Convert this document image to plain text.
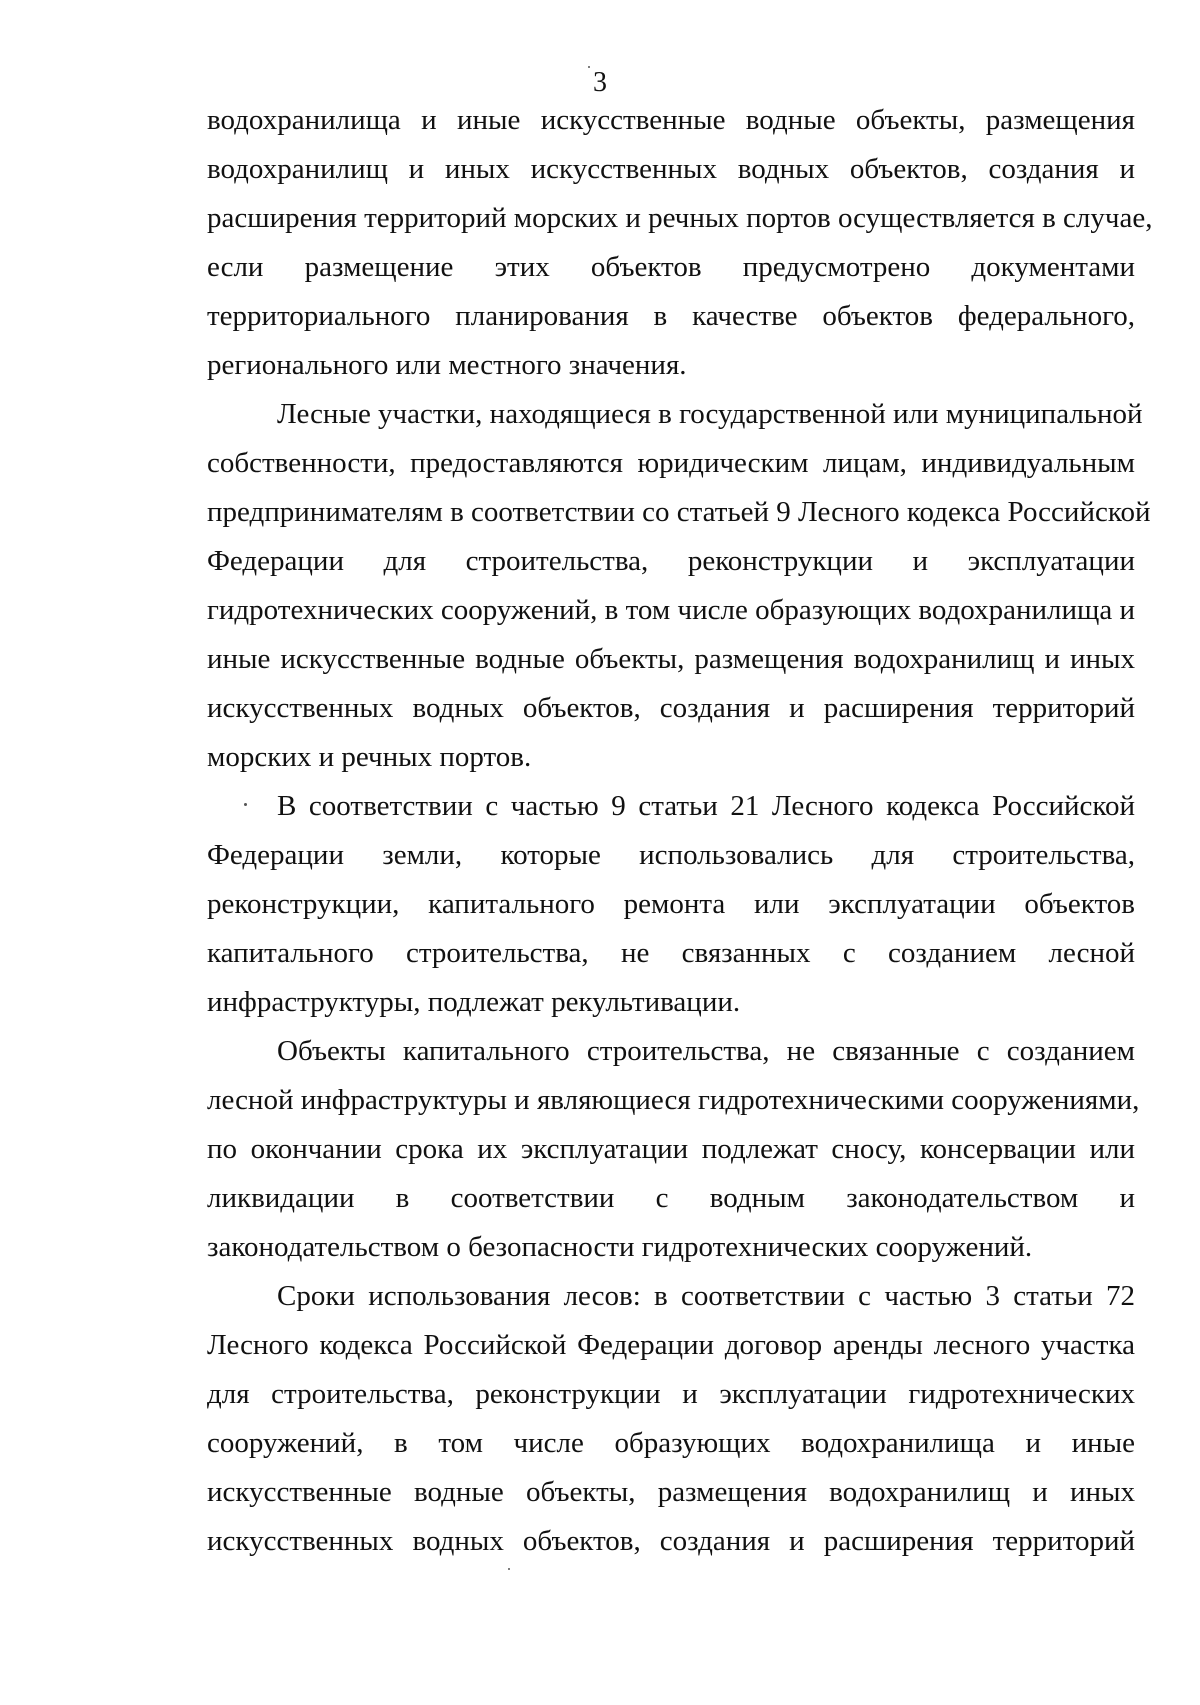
3
водохранилища и иные искусственные водные объекты, размещения
водохранилищ и иных искусственных водных объектов, создания и
расширения территорий морских и речных портов осуществляется в случае,
если размещение этих объектов предусмотрено документами
территориального планирования в качестве объектов федерального,
регионального или местного значения.
Лесные участки, находящиеся в государственной или муниципальной
собственности, предоставляются юридическим лицам, индивидуальным
предпринимателям в соответствии со статьей 9 Лесного кодекса Российской
Федерации для строительства, реконструкции и эксплуатации
гидротехнических сооружений, в том числе образующих водохранилища и
иные искусственные водные объекты, размещения водохранилищ и иных
искусственных водных объектов, создания и расширения территорий
морских и речных портов.
В соответствии с частью 9 статьи 21 Лесного кодекса Российской
Федерации земли, которые использовались для строительства,
реконструкции, капитального ремонта или эксплуатации объектов
капитального строительства, не связанных с созданием лесной
инфраструктуры, подлежат рекультивации.
Объекты капитального строительства, не связанные с созданием
лесной инфраструктуры и являющиеся гидротехническими сооружениями,
по окончании срока их эксплуатации подлежат сносу, консервации или
ликвидации в соответствии с водным законодательством и
законодательством о безопасности гидротехнических сооружений.
Сроки использования лесов: в соответствии с частью 3 статьи 72
Лесного кодекса Российской Федерации договор аренды лесного участка
для строительства, реконструкции и эксплуатации гидротехнических
сооружений, в том числе образующих водохранилища и иные
искусственные водные объекты, размещения водохранилищ и иных
искусственных водных объектов, создания и расширения территорий
